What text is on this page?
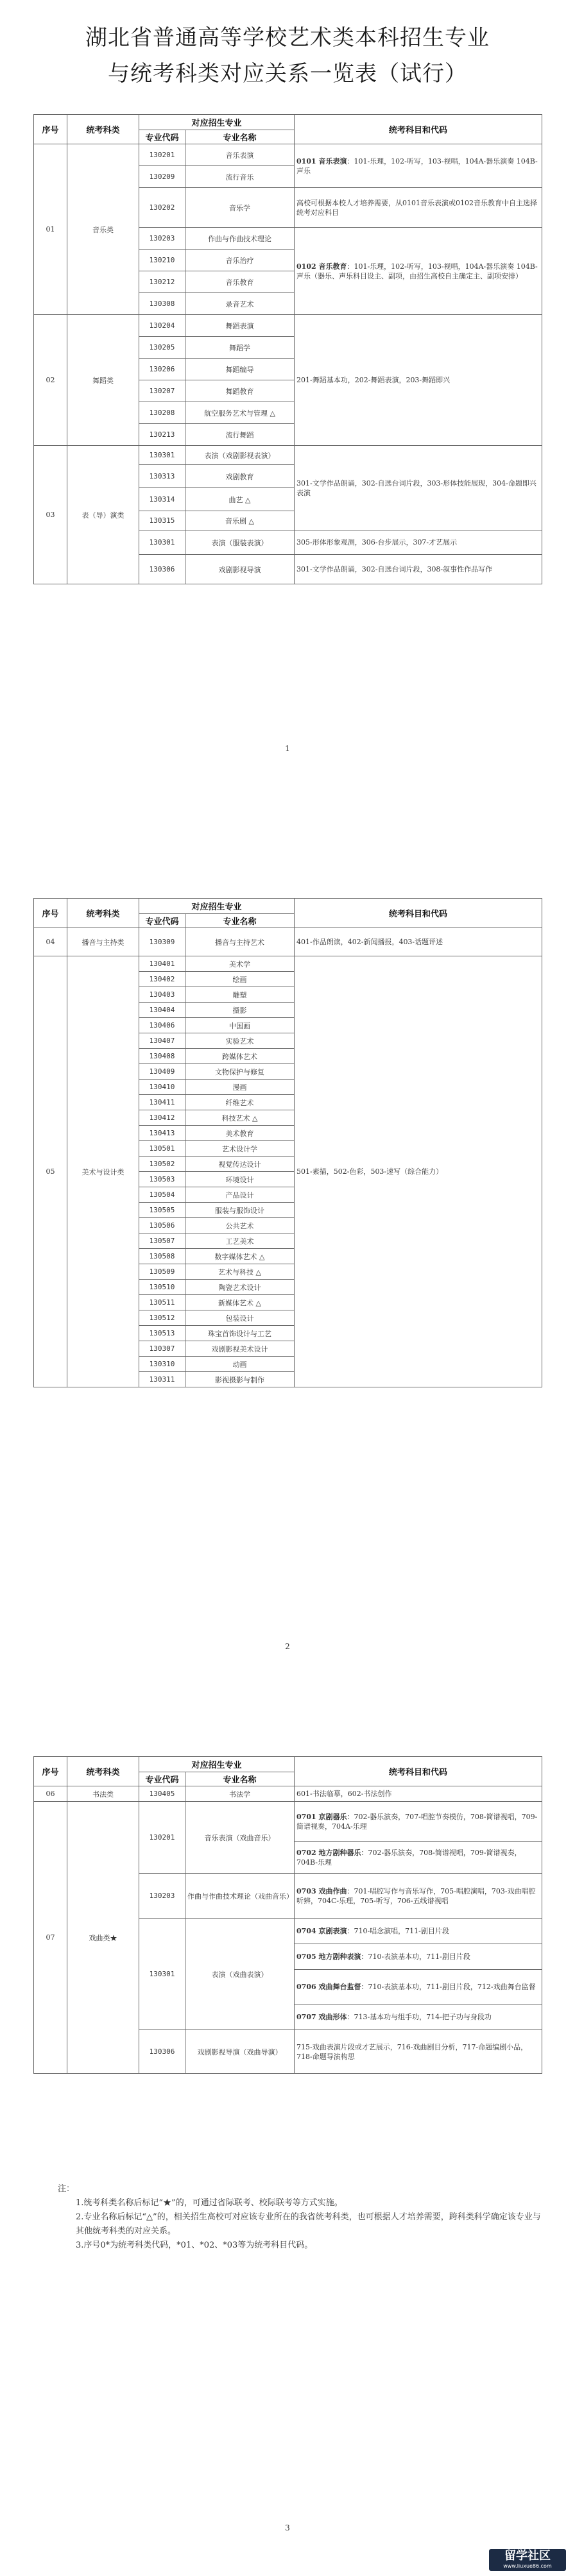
湖北省普通高等学校艺术类本科招生专业
与统考科类对应关系一览表（试行）
序号	统考科类	对应招生专业		统考科目和代码
		专业代码	专业名称	
01	音乐类	130201	音乐表演	0101 音乐表演：101-乐理，102-听写，103-视唱，104A-器乐演奏 104B-声乐
		130209	流行音乐	
		130202	音乐学	高校可根据本校人才培养需要，从0101音乐表演或0102音乐教育中自主选择统考对应科目
		130203	作曲与作曲技术理论	0102 音乐教育：101-乐理，102-听写，103-视唱，104A-器乐演奏 104B-声乐（器乐、声乐科目设主、副项，由招生高校自主确定主、副项安排）
		130210	音乐治疗	
		130212	音乐教育	
		130308	录音艺术	
02	舞蹈类	130204	舞蹈表演	201-舞蹈基本功，202-舞蹈表演，203-舞蹈即兴
		130205	舞蹈学	
		130206	舞蹈编导	
		130207	舞蹈教育	
		130208	航空服务艺术与管理 △	
		130213	流行舞蹈	
03	表（导）演类	130301	表演（戏剧影视表演）	301-文学作品朗诵，302-自选台词片段，303-形体技能展现，304-命题即兴表演
		130313	戏剧教育	
		130314	曲艺 △	
		130315	音乐剧 △	
		130301	表演（服装表演）	305-形体形象观测，306-台步展示，307-才艺展示
		130306	戏剧影视导演	301-文学作品朗诵，302-自选台词片段，308-叙事性作品写作
1
序号	统考科类	对应招生专业		统考科目和代码
		专业代码	专业名称	
04	播音与主持类	130309	播音与主持艺术	401-作品朗读，402-新闻播报，403-话题评述
05	美术与设计类	130401	美术学	501-素描，502-色彩，503-速写（综合能力）
		130402	绘画	
		130403	雕塑	
		130404	摄影	
		130406	中国画	
		130407	实验艺术	
		130408	跨媒体艺术	
		130409	文物保护与修复	
		130410	漫画	
		130411	纤维艺术	
		130412	科技艺术 △	
		130413	美术教育	
		130501	艺术设计学	
		130502	视觉传达设计	
		130503	环境设计	
		130504	产品设计	
		130505	服装与服饰设计	
		130506	公共艺术	
		130507	工艺美术	
		130508	数字媒体艺术 △	
		130509	艺术与科技 △	
		130510	陶瓷艺术设计	
		130511	新媒体艺术 △	
		130512	包装设计	
		130513	珠宝首饰设计与工艺	
		130307	戏剧影视美术设计	
		130310	动画	
		130311	影视摄影与制作	
2
序号	统考科类	对应招生专业		统考科目和代码
		专业代码	专业名称	
06	书法类	130405	书法学	601-书法临摹，602-书法创作
07	戏曲类★	130201	音乐表演（戏曲音乐）	0701 京剧器乐：702-器乐演奏，707-唱腔节奏模仿，708-简谱视唱，709-简谱视奏，704A-乐理
				0702 地方剧种器乐：702-器乐演奏，708-简谱视唱，709-简谱视奏，704B-乐理
		130203	作曲与作曲技术理论（戏曲音乐）	0703 戏曲作曲：701-唱腔写作与音乐写作，705-唱腔演唱，703-戏曲唱腔听辨，704C-乐理，705-听写，706-五线谱视唱
		130301	表演（戏曲表演）	0704 京剧表演：710-唱念演唱，711-剧目片段
				0705 地方剧种表演：710-表演基本功，711-剧目片段
				0706 戏曲舞台监督：710-表演基本功，711-剧目片段，712-戏曲舞台监督
				0707 戏曲形体：713-基本功与组手功，714-把子功与身段功
		130306	戏剧影视导演（戏曲导演）	715-戏曲表演片段或才艺展示，716-戏曲剧目分析，717-命题编剧小品，718-命题导演构思

注：

1.统考科类名称后标记“★”的，可通过省际联考、校际联考等方式实施。

2.专业名称后标记“△”的，相关招生高校可对应该专业所在的我省统考科类，也可根据人才培养需要，跨科类科学确定该专业与其他统考科类的对应关系。

3.序号0*为统考科类代码，*01、*02、*03等为统考科目代码。

3
留学社区
www.liuxue86.com
